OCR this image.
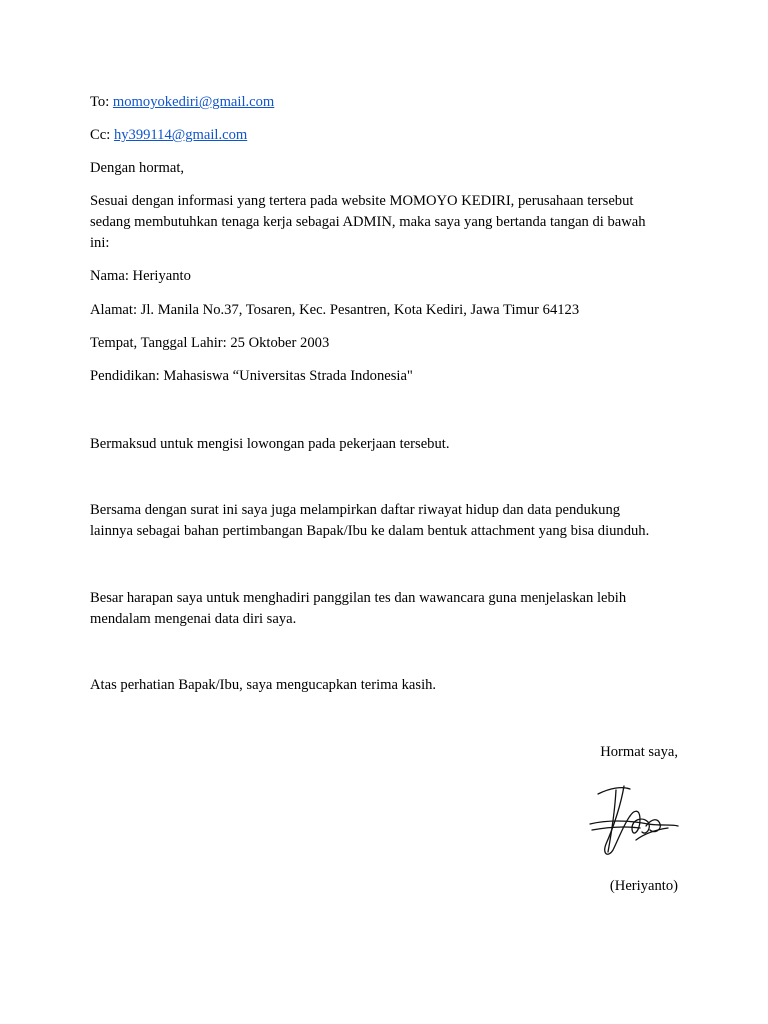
To: momoyokediri@gmail.com
Cc: hy399114@gmail.com
Dengan hormat,
Sesuai dengan informasi yang tertera pada website MOMOYO KEDIRI, perusahaan tersebut
sedang membutuhkan tenaga kerja sebagai ADMIN, maka saya yang bertanda tangan di bawah
ini:
Nama: Heriyanto
Alamat: Jl. Manila No.37, Tosaren, Kec. Pesantren, Kota Kediri, Jawa Timur 64123
Tempat, Tanggal Lahir: 25 Oktober 2003
Pendidikan: Mahasiswa “Universitas Strada Indonesia"
Bermaksud untuk mengisi lowongan pada pekerjaan tersebut.
Bersama dengan surat ini saya juga melampirkan daftar riwayat hidup dan data pendukung
lainnya sebagai bahan pertimbangan Bapak/Ibu ke dalam bentuk attachment yang bisa diunduh.
Besar harapan saya untuk menghadiri panggilan tes dan wawancara guna menjelaskan lebih
mendalam mengenai data diri saya.
Atas perhatian Bapak/Ibu, saya mengucapkan terima kasih.
Hormat saya,
(Heriyanto)
